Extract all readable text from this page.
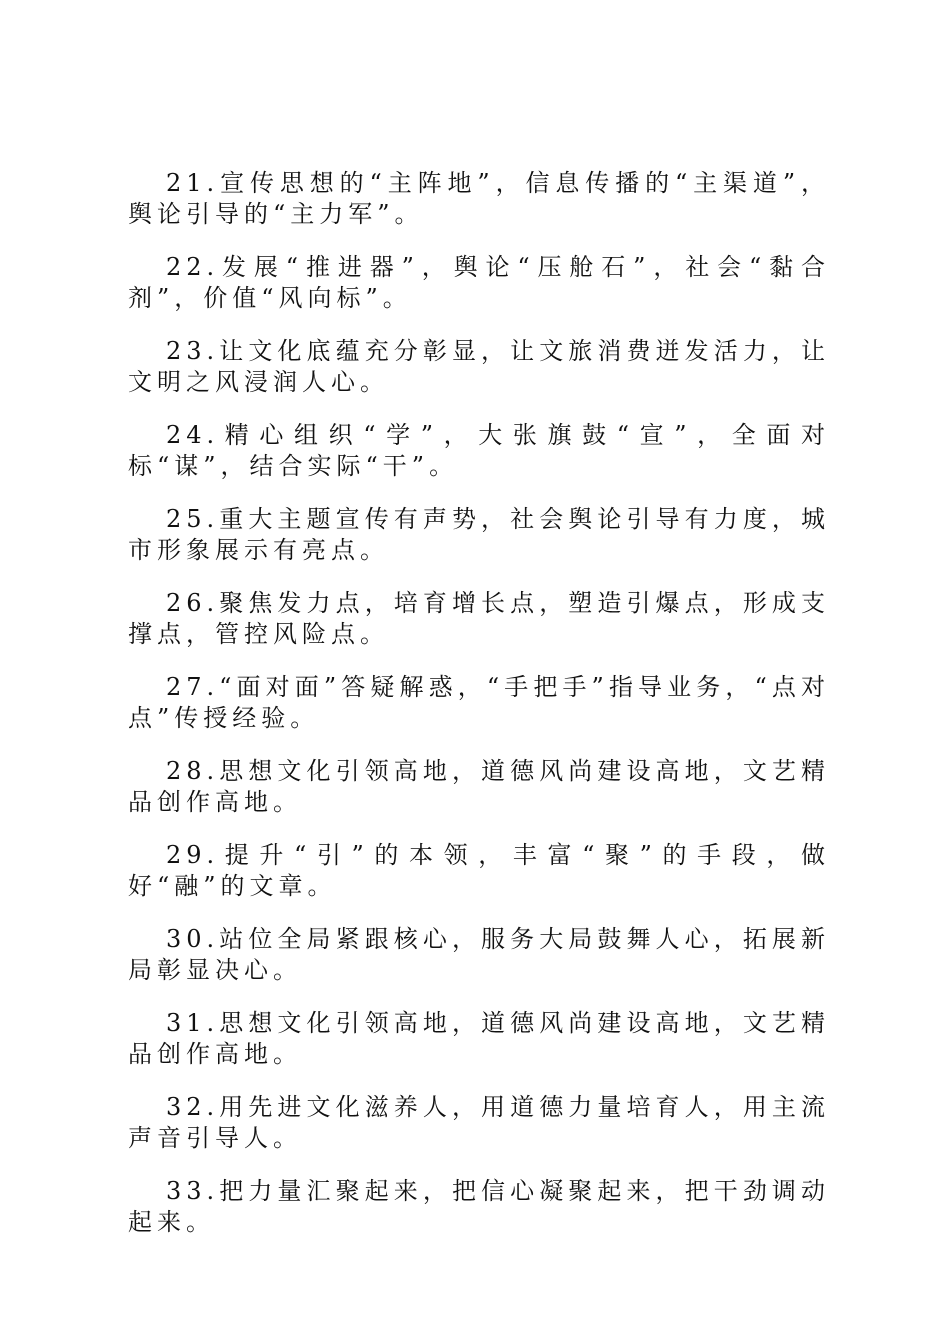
21.宣传思想的“主阵地”，信息传播的“主渠道”，舆论引导的“主力军”。

22.发展“推进器”，舆论“压舱石”，社会“黏合剂”，价值“风向标”。

23.让文化底蕴充分彰显，让文旅消费迸发活力，让文明之风浸润人心。

24.精心组织“学”，大张旗鼓“宣”，全面对标“谋”，结合实际“干”。

25.重大主题宣传有声势，社会舆论引导有力度，城市形象展示有亮点。

26.聚焦发力点，培育增长点，塑造引爆点，形成支撑点，管控风险点。

27.“面对面”答疑解惑，“手把手”指导业务，“点对点”传授经验。

28.思想文化引领高地，道德风尚建设高地，文艺精品创作高地。

29.提升“引”的本领，丰富“聚”的手段，做好“融”的文章。

30.站位全局紧跟核心，服务大局鼓舞人心，拓展新局彰显决心。

31.思想文化引领高地，道德风尚建设高地，文艺精品创作高地。

32.用先进文化滋养人，用道德力量培育人，用主流声音引导人。

33.把力量汇聚起来，把信心凝聚起来，把干劲调动起来。
